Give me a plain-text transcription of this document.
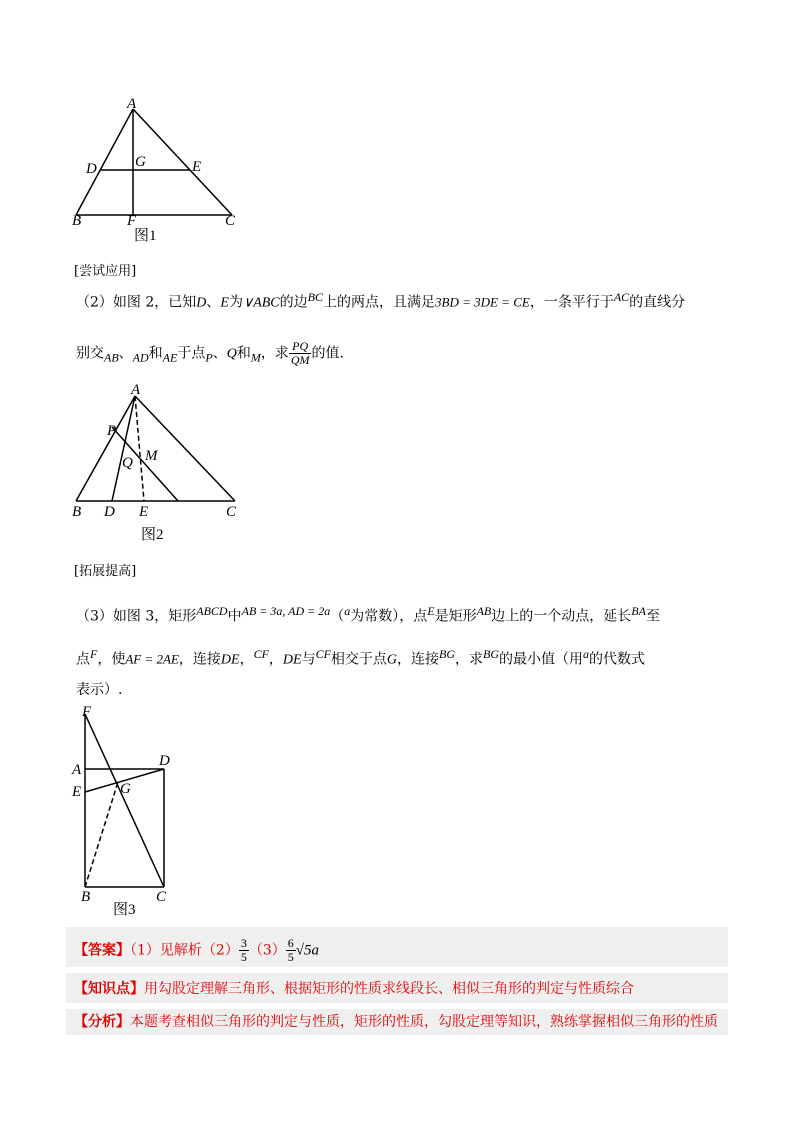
A
D	G	E
B	F	C
图1
[尝试应用]
（2）如图 2，已知D、E为∨ABC的边$^{BC}$上的两点，且满足3BD = 3DE = CE，一条平行于$^{AC}$的直线分
别交$_{AB}$、$_{AD}$和$_{AE}$于点$_P$、Q和$_M$，求 $\frac{PQ}{QM}$ 的值.
A
P
M
Q
B D E	C
图2
[拓展提高]
（3）如图 3，矩形$^{ABCD}$中$^{AB = 3a, AD = 2a}$（$^a$为常数），点$^E$是矩形$^{AB}$边上的一个动点，延长$^{BA}$至
点$^F$，使AF = 2AE，连接DE，$^{CF}$，DE与$^{CF}$相交于点G，连接$^{BG}$，求$^{BG}$的最小值（用$^a$的代数式
表示）.
F
D
A
G
E
B	C
图3
【答案】（1）见解析$(2) \frac{3}{5} (3) \frac{6}{5} √5a$
【知识点】用勾股定理解三角形、根据矩形的性质求线段长、相似三角形的判定与性质综合
【分析】本题考查相似三角形的判定与性质，矩形的性质，勾股定理等知识，熟练掌握相似三角形的性质
